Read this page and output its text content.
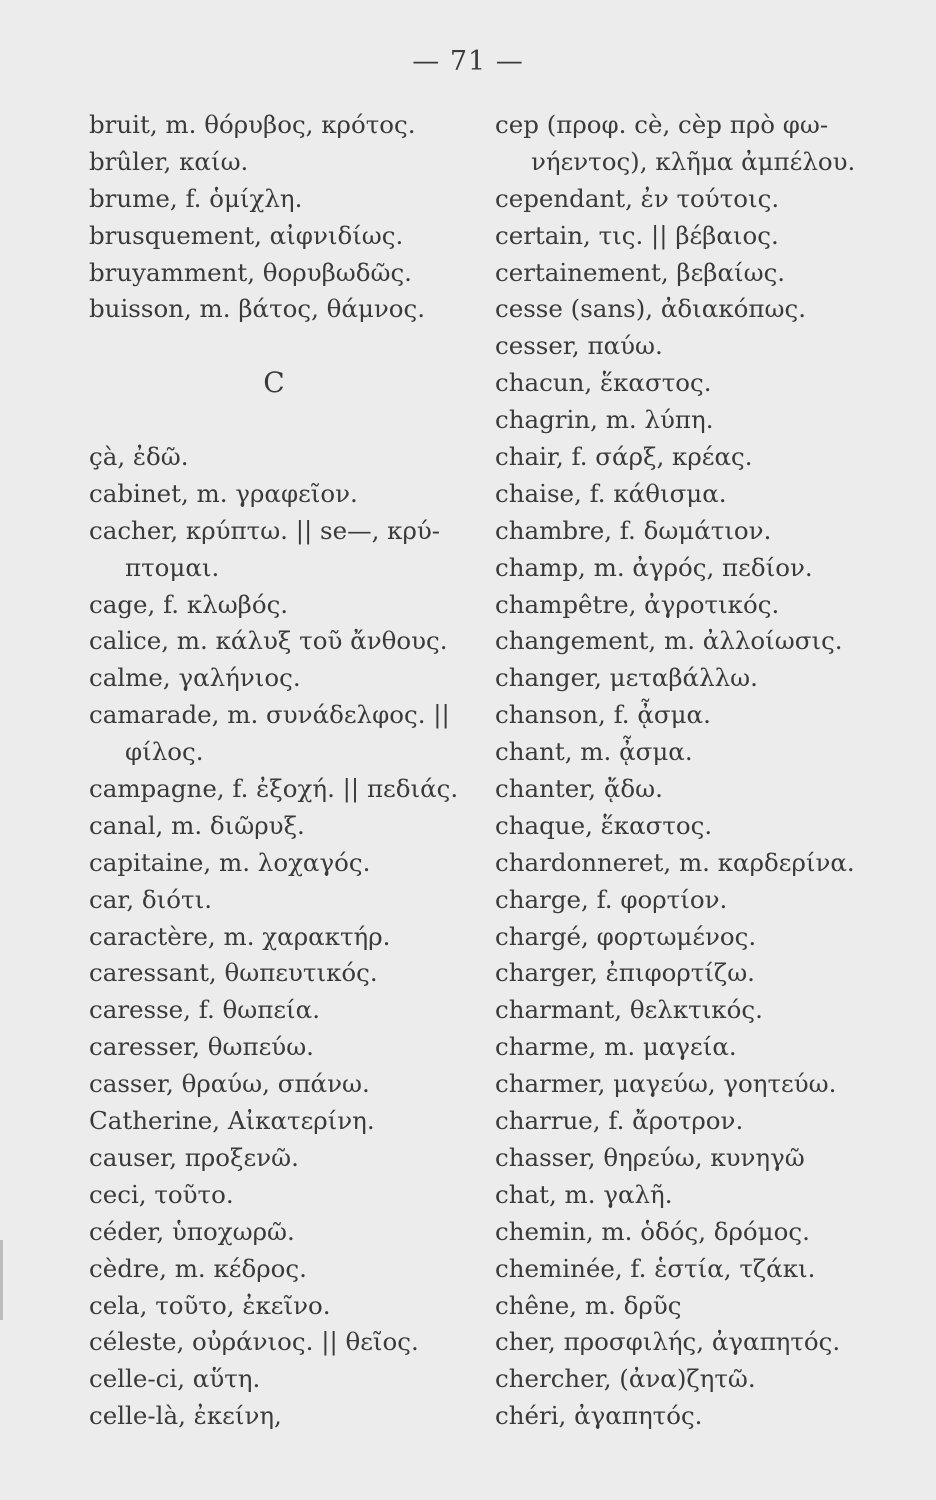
— 71 —
bruit, m. θόρυβος, κρότος.
brûler, καίω.
brume, f. ὁμίχλη.
brusquement, αἰφνιδίως.
bruyamment, θορυβωδῶς.
buisson, m. βάτος, θάμνος.
C
çà, ἐδῶ.
cabinet, m. γραφεῖον.
cacher, κρύπτω. || se—, κρύ-
πτομαι.
cage, f. κλωβός.
calice, m. κάλυξ τοῦ ἄνθους.
calme, γαλήνιος.
camarade, m. συνάδελφος. ||
φίλος.
campagne, f. ἐξοχή. || πεδιάς.
canal, m. διῶρυξ.
capitaine, m. λοχαγός.
car, διότι.
caractère, m. χαρακτήρ.
caressant, θωπευτικός.
caresse, f. θωπεία.
caresser, θωπεύω.
casser, θραύω, σπάνω.
Catherine, Αἰκατερίνη.
causer, προξενῶ.
ceci, τοῦτο.
céder, ὑποχωρῶ.
cèdre, m. κέδρος.
cela, τοῦτο, ἐκεῖνο.
céleste, οὐράνιος. || θεῖος.
celle-ci, αὕτη.
celle-là, ἐκείνη,
cep (προφ. cè, cèp πρὸ φω-
νήεντος), κλῆμα ἀμπέλου.
cependant, ἐν τούτοις.
certain, τις. || βέβαιος.
certainement, βεβαίως.
cesse (sans), ἀδιακόπως.
cesser, παύω.
chacun, ἕκαστος.
chagrin, m. λύπη.
chair, f. σάρξ, κρέας.
chaise, f. κάθισμα.
chambre, f. δωμάτιον.
champ, m. ἀγρός, πεδίον.
champêtre, ἀγροτικός.
changement, m. ἀλλοίωσις.
changer, μεταβάλλω.
chanson, f. ᾆσμα.
chant, m. ᾆσμα.
chanter, ᾄδω.
chaque, ἕκαστος.
chardonneret, m. καρδερίνα.
charge, f. φορτίον.
chargé, φορτωμένος.
charger, ἐπιφορτίζω.
charmant, θελκτικός.
charme, m. μαγεία.
charmer, μαγεύω, γοητεύω.
charrue, f. ἄροτρον.
chasser, θηρεύω, κυνηγῶ
chat, m. γαλῆ.
chemin, m. ὁδός, δρόμος.
cheminée, f. ἑστία, τζάκι.
chêne, m. δρῦς
cher, προσφιλής, ἀγαπητός.
chercher, (ἀνα)ζητῶ.
chéri, ἀγαπητός.
